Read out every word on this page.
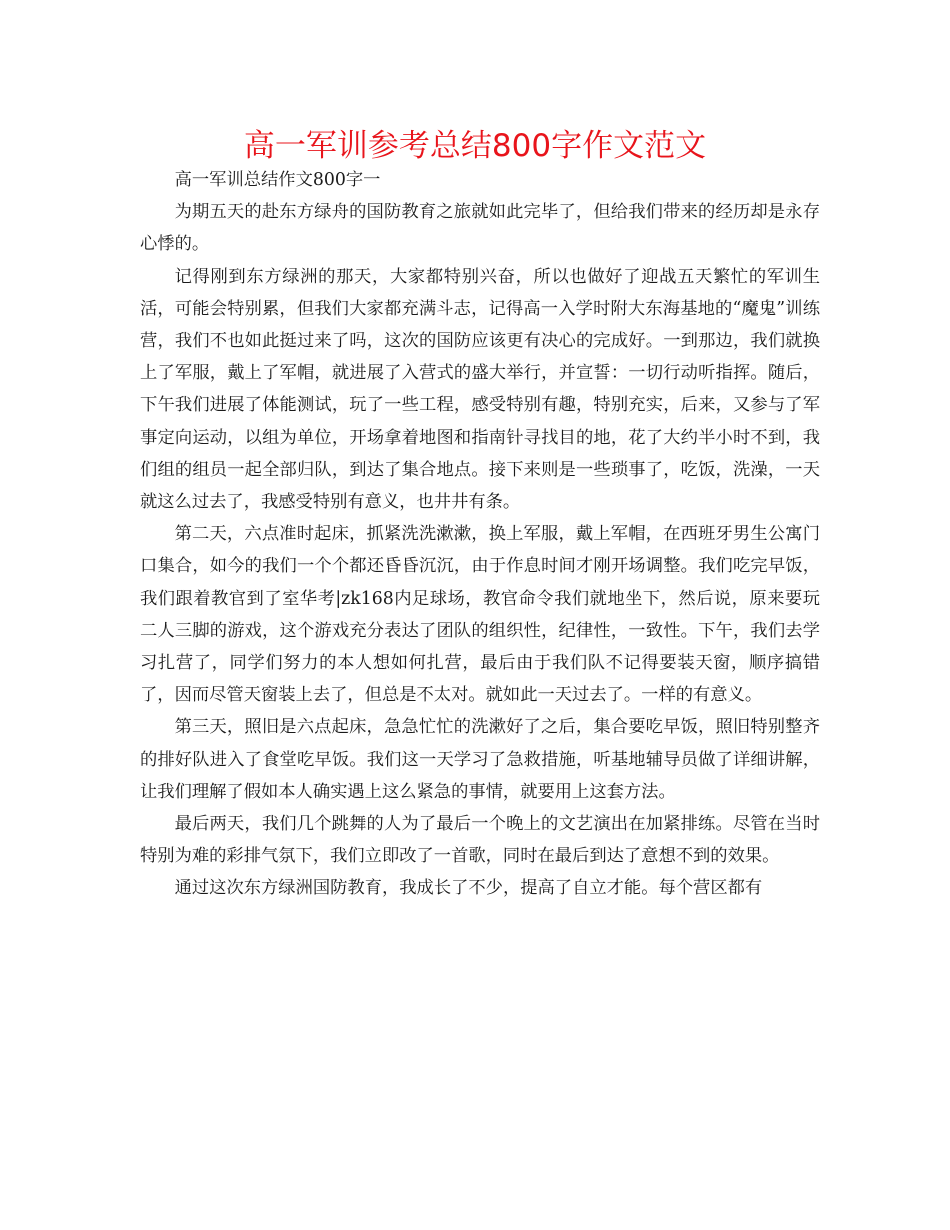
高一军训参考总结800字作文范文

高一军训总结作文800字一

为期五天的赴东方绿舟的国防教育之旅就如此完毕了，但给我们带来的经历却是永存心悸的。

记得刚到东方绿洲的那天，大家都特别兴奋，所以也做好了迎战五天繁忙的军训生活，可能会特别累，但我们大家都充满斗志，记得高一入学时附大东海基地的“魔鬼”训练营，我们不也如此挺过来了吗，这次的国防应该更有决心的完成好。一到那边，我们就换上了军服，戴上了军帽，就进展了入营式的盛大举行，并宣誓：一切行动听指挥。随后，下午我们进展了体能测试，玩了一些工程，感受特别有趣，特别充实，后来，又参与了军事定向运动，以组为单位，开场拿着地图和指南针寻找目的地，花了大约半小时不到，我们组的组员一起全部归队，到达了集合地点。接下来则是一些琐事了，吃饭，洗澡，一天就这么过去了，我感受特别有意义，也井井有条。

第二天，六点准时起床，抓紧洗洗漱漱，换上军服，戴上军帽，在西班牙男生公寓门口集合，如今的我们一个个都还昏昏沉沉，由于作息时间才刚开场调整。我们吃完早饭，我们跟着教官到了室华考|zk168内足球场，教官命令我们就地坐下，然后说，原来要玩二人三脚的游戏，这个游戏充分表达了团队的组织性，纪律性，一致性。下午，我们去学习扎营了，同学们努力的本人想如何扎营，最后由于我们队不记得要装天窗，顺序搞错了，因而尽管天窗装上去了，但总是不太对。就如此一天过去了。一样的有意义。

第三天，照旧是六点起床，急急忙忙的洗漱好了之后，集合要吃早饭，照旧特别整齐的排好队进入了食堂吃早饭。我们这一天学习了急救措施，听基地辅导员做了详细讲解，让我们理解了假如本人确实遇上这么紧急的事情，就要用上这套方法。

最后两天，我们几个跳舞的人为了最后一个晚上的文艺演出在加紧排练。尽管在当时特别为难的彩排气氛下，我们立即改了一首歌，同时在最后到达了意想不到的效果。

通过这次东方绿洲国防教育，我成长了不少，提高了自立才能。每个营区都有
